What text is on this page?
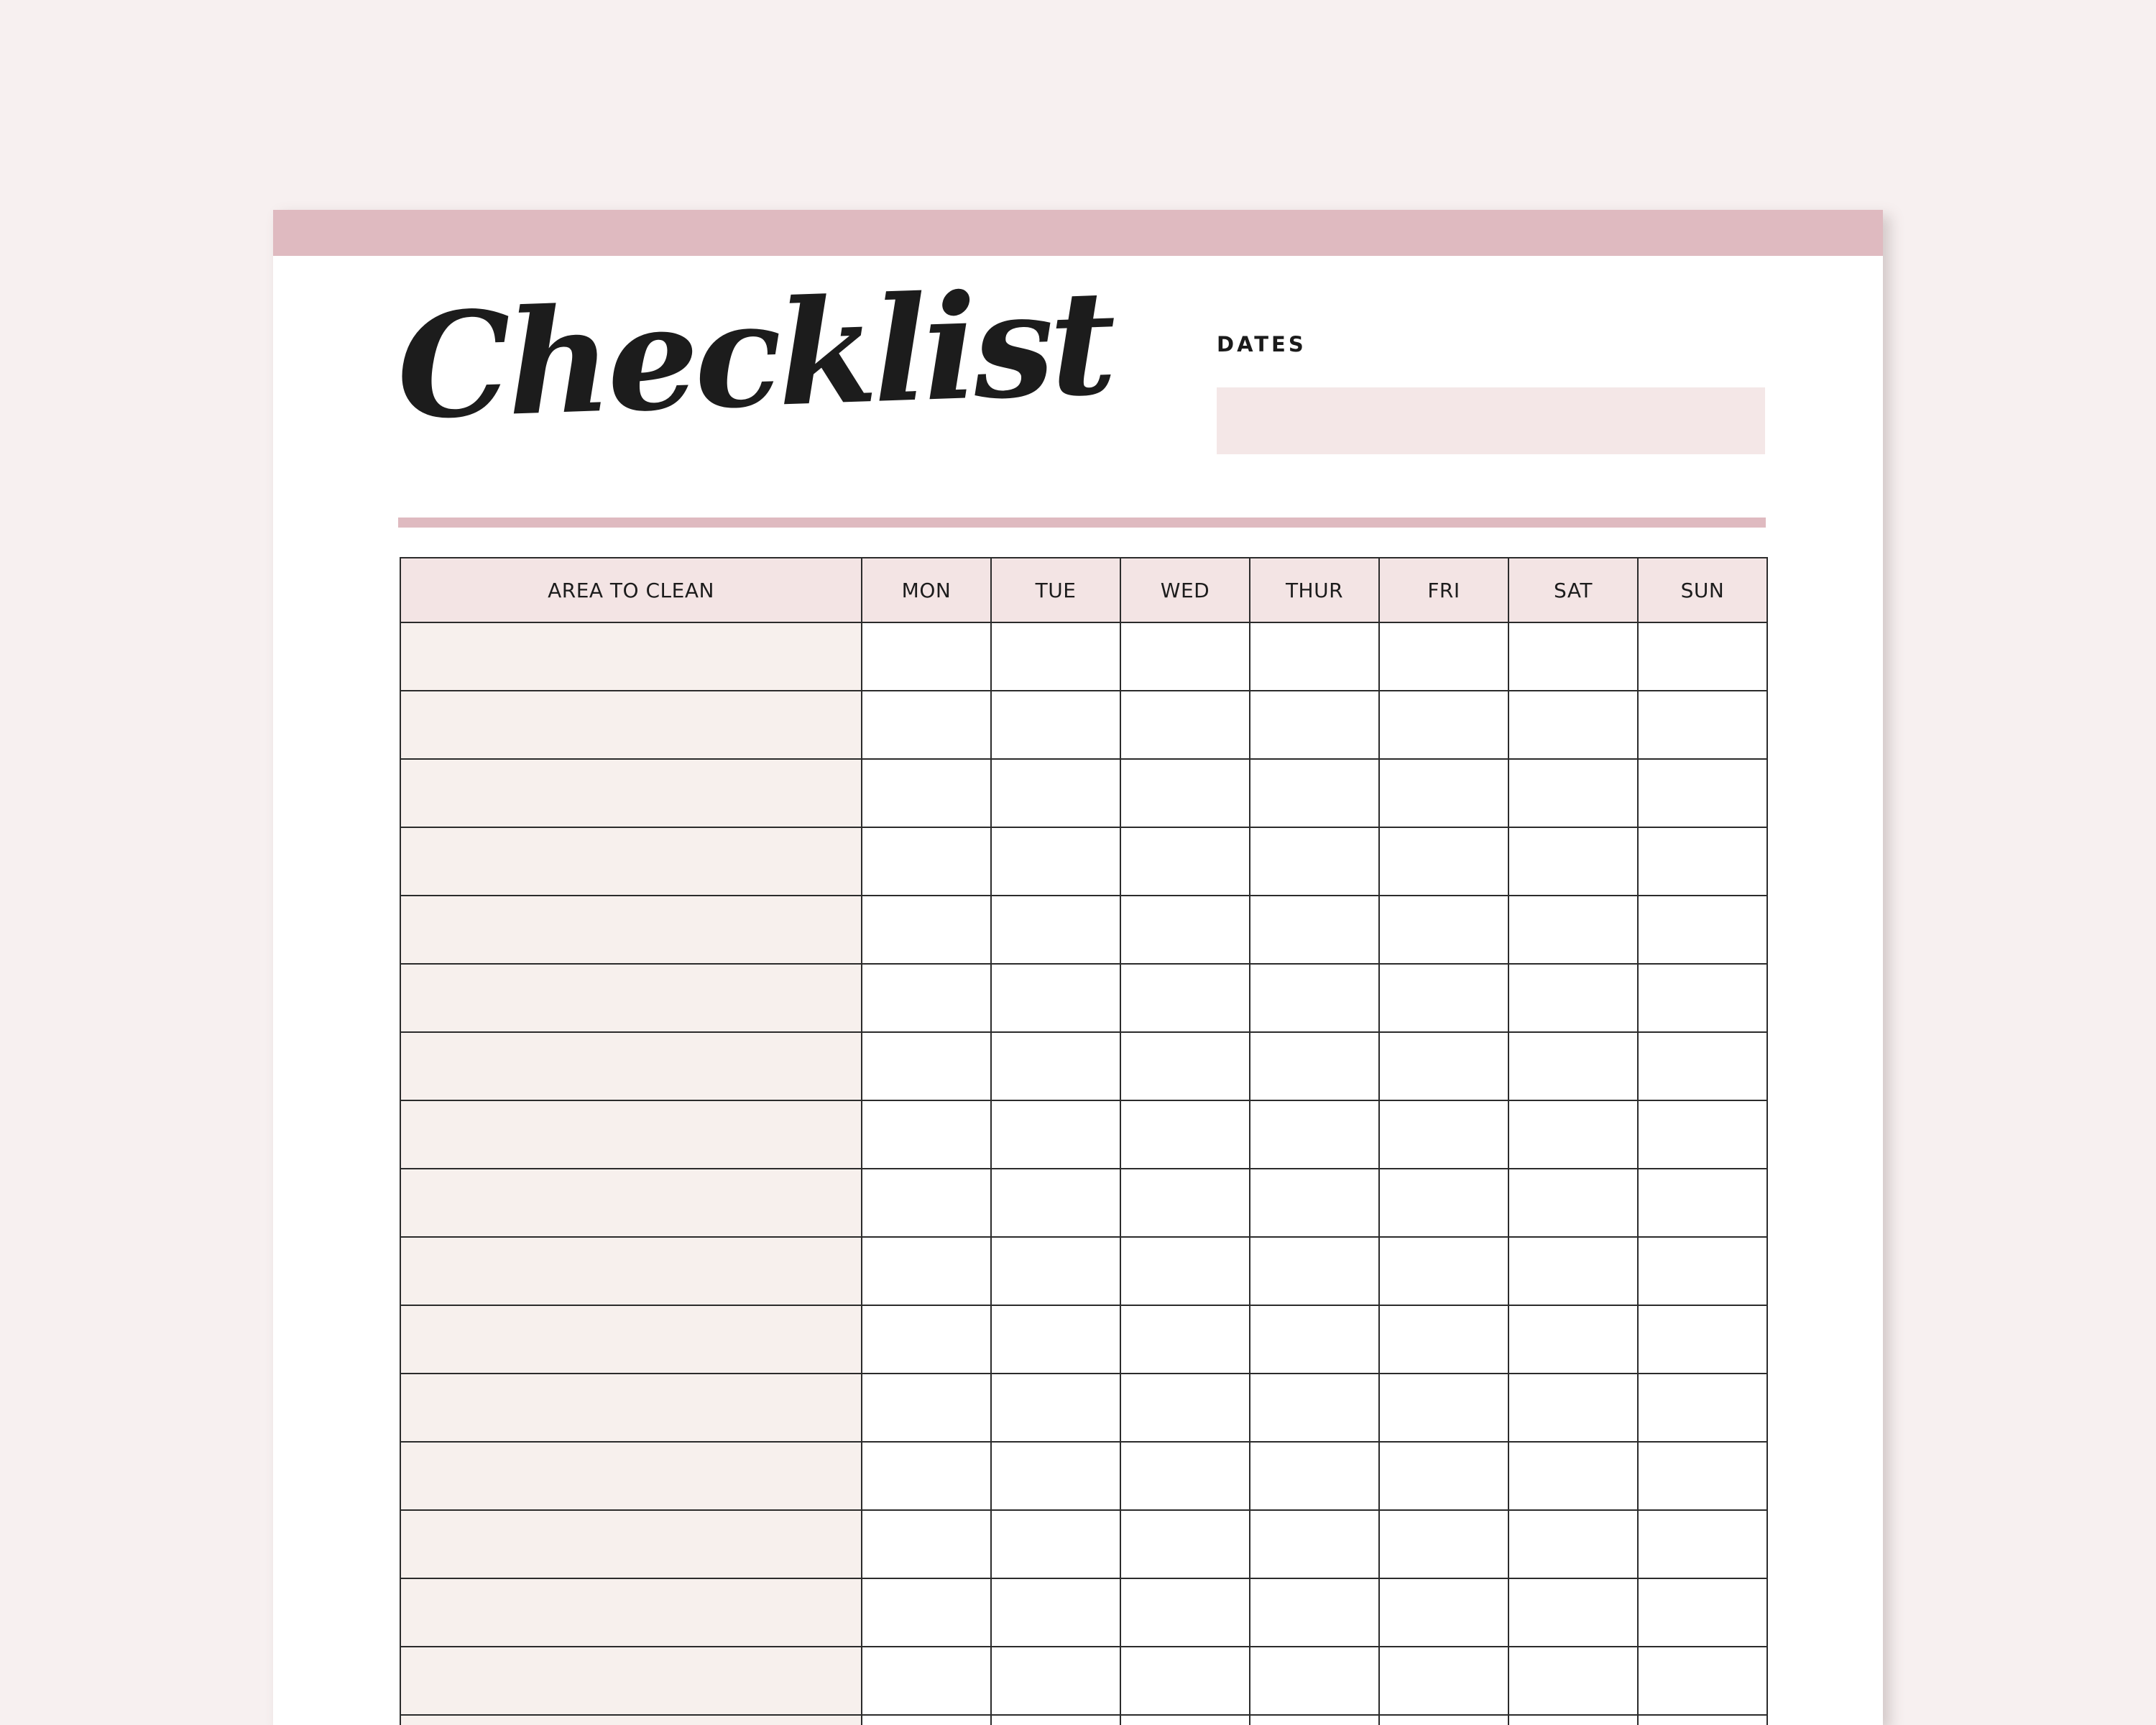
Checklist	DATES
AREA TO CLEAN	MON	TUE	WED	THUR	FRI	SAT	SUN
